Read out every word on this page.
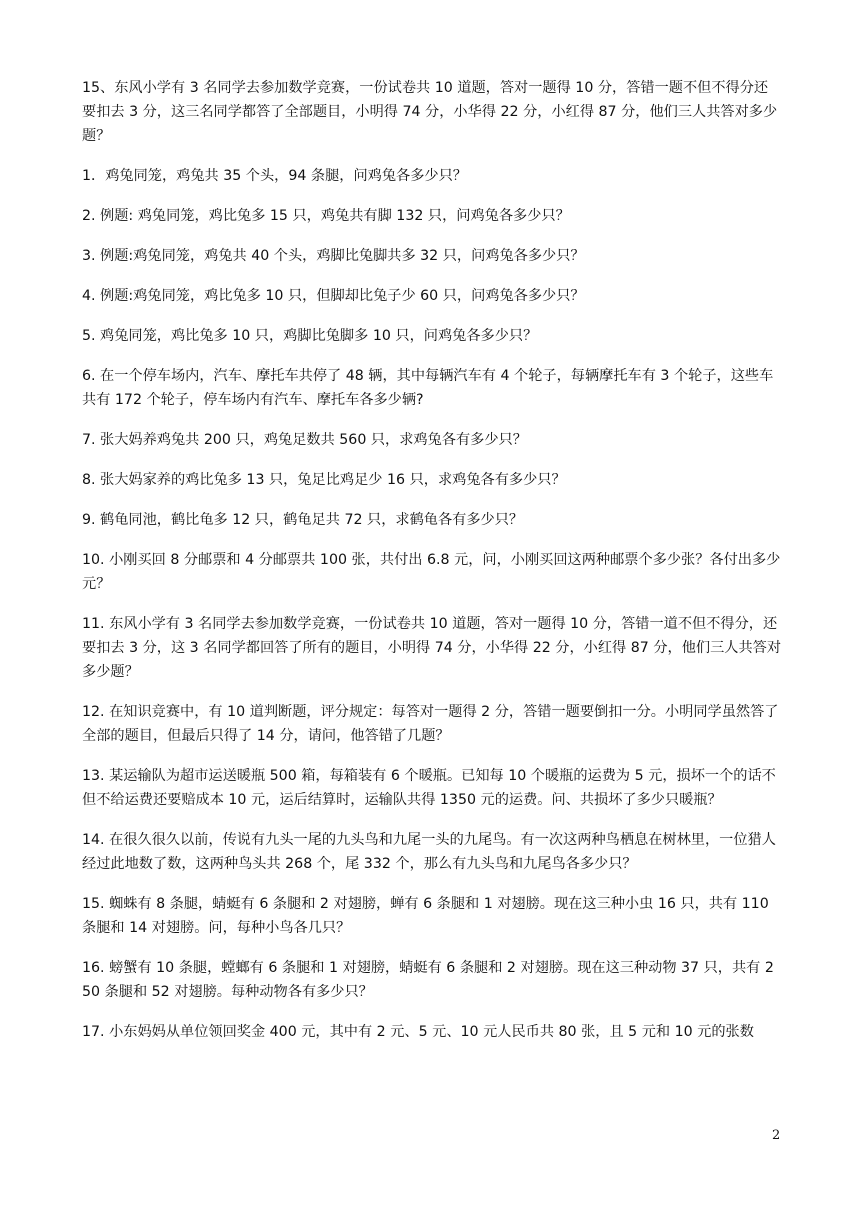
15、东风小学有 3 名同学去参加数学竞赛，一份试卷共 10 道题，答对一题得 10 分，答错一题不但不得分还要扣去 3 分，这三名同学都答了全部题目，小明得 74 分，小华得 22 分，小红得 87 分，他们三人共答对多少题？

1．鸡兔同笼，鸡兔共 35 个头，94 条腿，问鸡兔各多少只？

2. 例题: 鸡兔同笼，鸡比兔多 15 只，鸡兔共有脚 132 只，问鸡兔各多少只？

3. 例题:鸡兔同笼，鸡兔共 40 个头，鸡脚比兔脚共多 32 只，问鸡兔各多少只？

4. 例题:鸡兔同笼，鸡比兔多 10 只，但脚却比兔子少 60 只，问鸡兔各多少只？

5. 鸡兔同笼，鸡比兔多 10 只，鸡脚比兔脚多 10 只，问鸡兔各多少只？

6. 在一个停车场内，汽车、摩托车共停了 48 辆，其中每辆汽车有 4 个轮子，每辆摩托车有 3 个轮子，这些车共有 172 个轮子，停车场内有汽车、摩托车各多少辆?

7. 张大妈养鸡兔共 200 只，鸡兔足数共 560 只，求鸡兔各有多少只？

8. 张大妈家养的鸡比兔多 13 只，兔足比鸡足少 16 只，求鸡兔各有多少只？

9. 鹤龟同池，鹤比龟多 12 只，鹤龟足共 72 只，求鹤龟各有多少只？

10. 小刚买回 8 分邮票和 4 分邮票共 100 张，共付出 6.8 元，问，小刚买回这两种邮票个多少张？各付出多少元？

11. 东风小学有 3 名同学去参加数学竞赛，一份试卷共 10 道题，答对一题得 10 分，答错一道不但不得分，还要扣去 3 分，这 3 名同学都回答了所有的题目，小明得 74 分，小华得 22 分，小红得 87 分，他们三人共答对多少题？

12. 在知识竞赛中，有 10 道判断题，评分规定：每答对一题得 2 分，答错一题要倒扣一分。小明同学虽然答了全部的题目，但最后只得了 14 分，请问，他答错了几题？

13. 某运输队为超市运送暖瓶 500 箱，每箱装有 6 个暖瓶。已知每 10 个暖瓶的运费为 5 元，损坏一个的话不但不给运费还要赔成本 10 元，运后结算时，运输队共得 1350 元的运费。问、共损坏了多少只暖瓶？

14. 在很久很久以前，传说有九头一尾的九头鸟和九尾一头的九尾鸟。有一次这两种鸟栖息在树林里，一位猎人经过此地数了数，这两种鸟头共 268 个，尾 332 个，那么有九头鸟和九尾鸟各多少只？

15. 蜘蛛有 8 条腿，蜻蜓有 6 条腿和 2 对翅膀，蝉有 6 条腿和 1 对翅膀。现在这三种小虫 16 只，共有 110 条腿和 14 对翅膀。问，每种小鸟各几只？

16. 螃蟹有 10 条腿，螳螂有 6 条腿和 1 对翅膀，蜻蜓有 6 条腿和 2 对翅膀。现在这三种动物 37 只，共有 250 条腿和 52 对翅膀。每种动物各有多少只？

17. 小东妈妈从单位领回奖金 400 元，其中有 2 元、5 元、10 元人民币共 80 张，且 5 元和 10 元的张数

2
